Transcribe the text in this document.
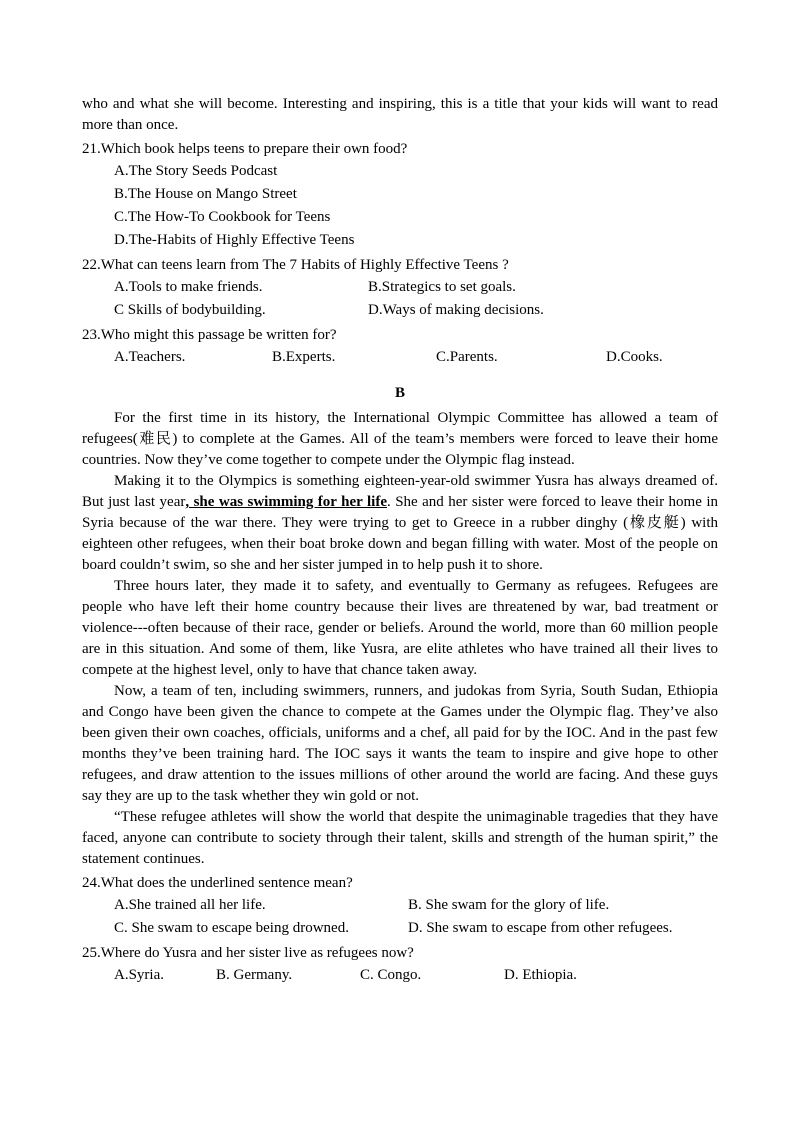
who and what she will become. Interesting and inspiring, this is a title that your kids will want to read more than once.

21.Which book helps teens to prepare their own food?

A.The Story Seeds Podcast
B.The House on Mango Street
C.The How-To Cookbook for Teens
D.The-Habits of Highly Effective Teens

22.What can teens learn from The 7 Habits of Highly Effective Teens ?

A.Tools to make friends.	B.Strategics to set goals.
C Skills of bodybuilding.	D.Ways of making decisions.

23.Who might this passage be written for?

A.Teachers.	B.Experts.	C.Parents.	D.Cooks.
B

For the first time in its history, the International Olympic Committee has allowed a team of refugees(难民) to complete at the Games. All of the team’s members were forced to leave their home countries. Now they’ve come together to compete under the Olympic flag instead.

Making it to the Olympics is something eighteen-year-old swimmer Yusra has always dreamed of. But just last year, she was swimming for her life. She and her sister were forced to leave their home in Syria because of the war there. They were trying to get to Greece in a rubber dinghy (橡皮艇) with eighteen other refugees, when their boat broke down and began filling with water. Most of the people on board couldn’t swim, so she and her sister jumped in to help push it to shore.

Three hours later, they made it to safety, and eventually to Germany as refugees. Refugees are people who have left their home country because their lives are threatened by war, bad treatment or violence---often because of their race, gender or beliefs. Around the world, more than 60 million people are in this situation. And some of them, like Yusra, are elite athletes who have trained all their lives to compete at the highest level, only to have that chance taken away.

Now, a team of ten, including swimmers, runners, and judokas from Syria, South Sudan, Ethiopia and Congo have been given the chance to compete at the Games under the Olympic flag. They’ve also been given their own coaches, officials, uniforms and a chef, all paid for by the IOC. And in the past few months they’ve been training hard. The IOC says it wants the team to inspire and give hope to other refugees, and draw attention to the issues millions of other around the world are facing. And these guys say they are up to the task whether they win gold or not.

“These refugee athletes will show the world that despite the unimaginable tragedies that they have faced, anyone can contribute to society through their talent, skills and strength of the human spirit,” the statement continues.

24.What does the underlined sentence mean?

A.She trained all her life.	B. She swam for the glory of life.
C. She swam to escape being drowned.	D. She swam to escape from other refugees.

25.Where do Yusra and her sister live as refugees now?

A.Syria.	B. Germany.	C. Congo.	D. Ethiopia.
